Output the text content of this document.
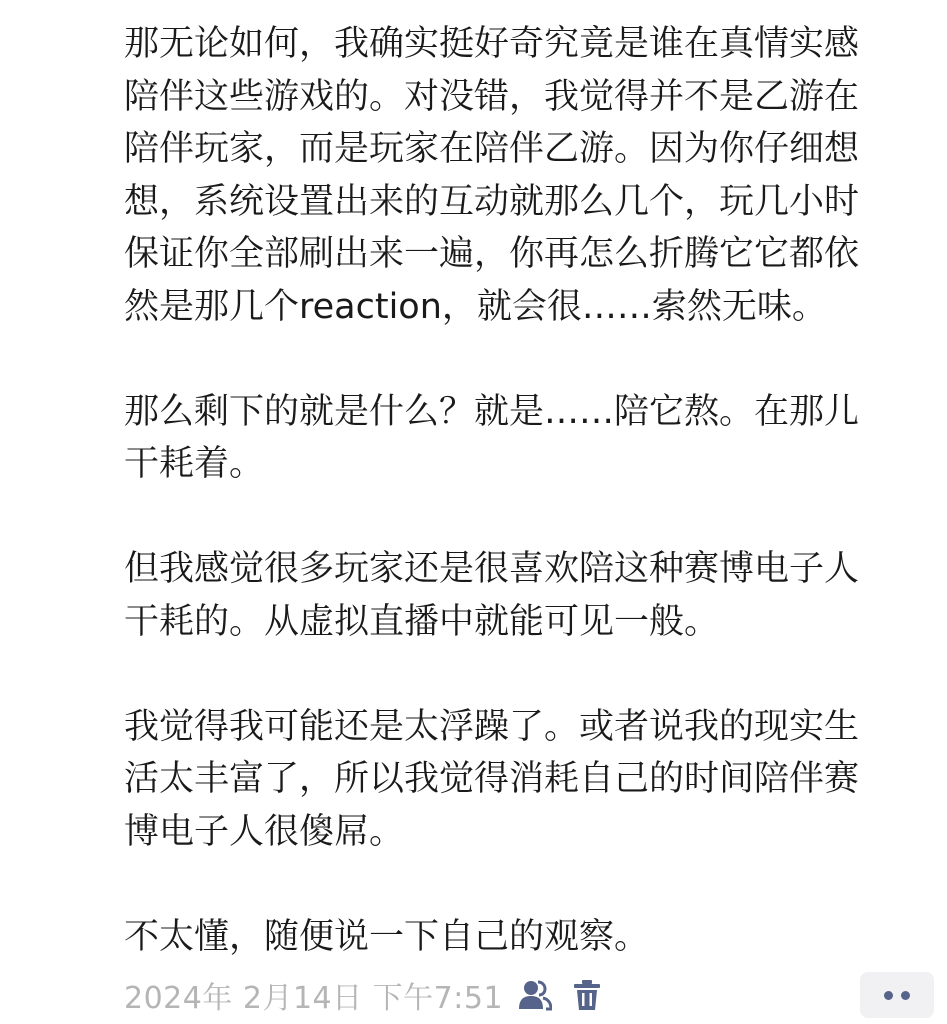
那无论如何，我确实挺好奇究竟是谁在真情实感
陪伴这些游戏的。对没错，我觉得并不是乙游在
陪伴玩家，而是玩家在陪伴乙游。因为你仔细想
想，系统设置出来的互动就那么几个，玩几小时
保证你全部刷出来一遍，你再怎么折腾它它都依
然是那几个reaction，就会很……索然无味。

那么剩下的就是什么？就是……陪它熬。在那儿
干耗着。

但我感觉很多玩家还是很喜欢陪这种赛博电子人
干耗的。从虚拟直播中就能可见一般。

我觉得我可能还是太浮躁了。或者说我的现实生
活太丰富了，所以我觉得消耗自己的时间陪伴赛
博电子人很傻屌。

不太懂，随便说一下自己的观察。

2024年 2月14日 下午7:51
